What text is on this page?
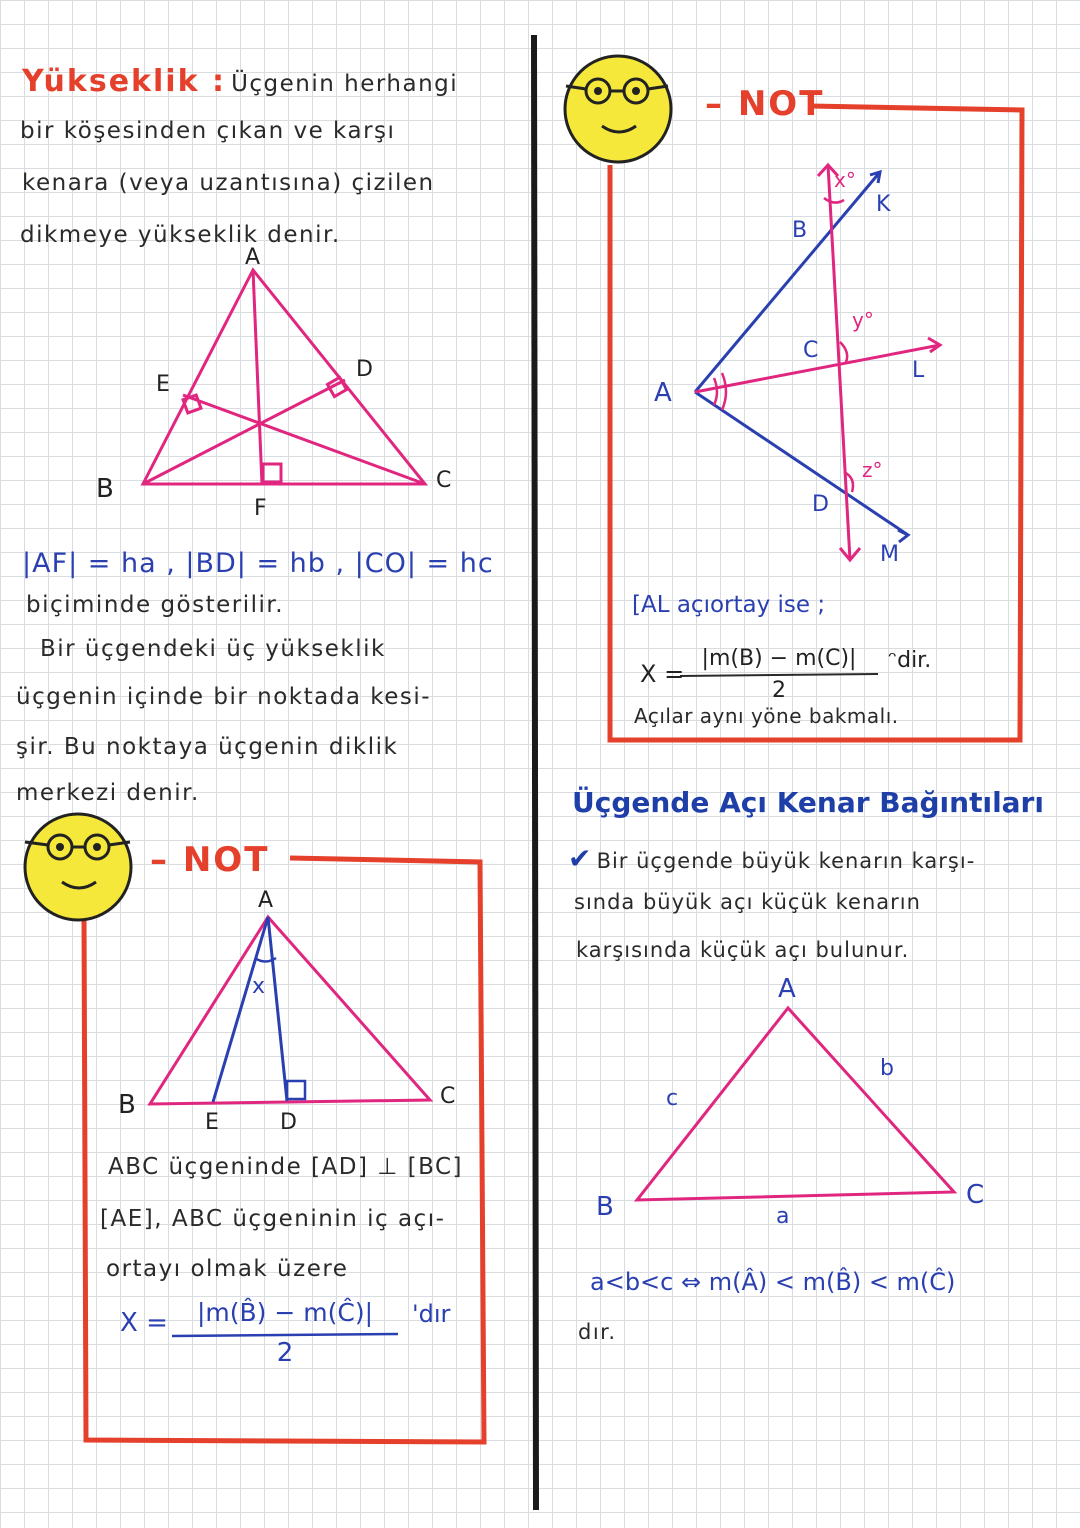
Yükseklik : Üçgenin herhangi
bir köşesinden çıkan ve karşı
kenara (veya uzantısına) çizilen
dikmeye yükseklik denir.
A
B	C
D
E
F
|AF| = ha , |BD| = hb , |CO| = hc
biçiminde gösterilir.
Bir üçgendeki üç yükseklik
üçgenin içinde bir noktada kesi-
şir. Bu noktaya üçgenin diklik
merkezi denir.
– NOT
A
B	C
E	D
x
ABC üçgeninde [AD] ⊥ [BC]
[AE], ABC üçgeninin iç açı-
ortayı olmak üzere
X =	|m(B̂) − m(Ĉ)|
2
'dır
– NOT
B
C
A
D
K
L
M
x°
y°
z°
[AL açıortay ise ;
X =
|m(B) − m(C)|
2
ᵔdir.
Açılar aynı yöne bakmalı.
Üçgende Açı Kenar Bağıntıları
✔ Bir üçgende büyük kenarın karşı-
sında büyük açı küçük kenarın
karşısında küçük açı bulunur.
A
B	C
a
b
c
a<b<c ⇔ m(Â) < m(B̂) < m(Ĉ)
dır.
